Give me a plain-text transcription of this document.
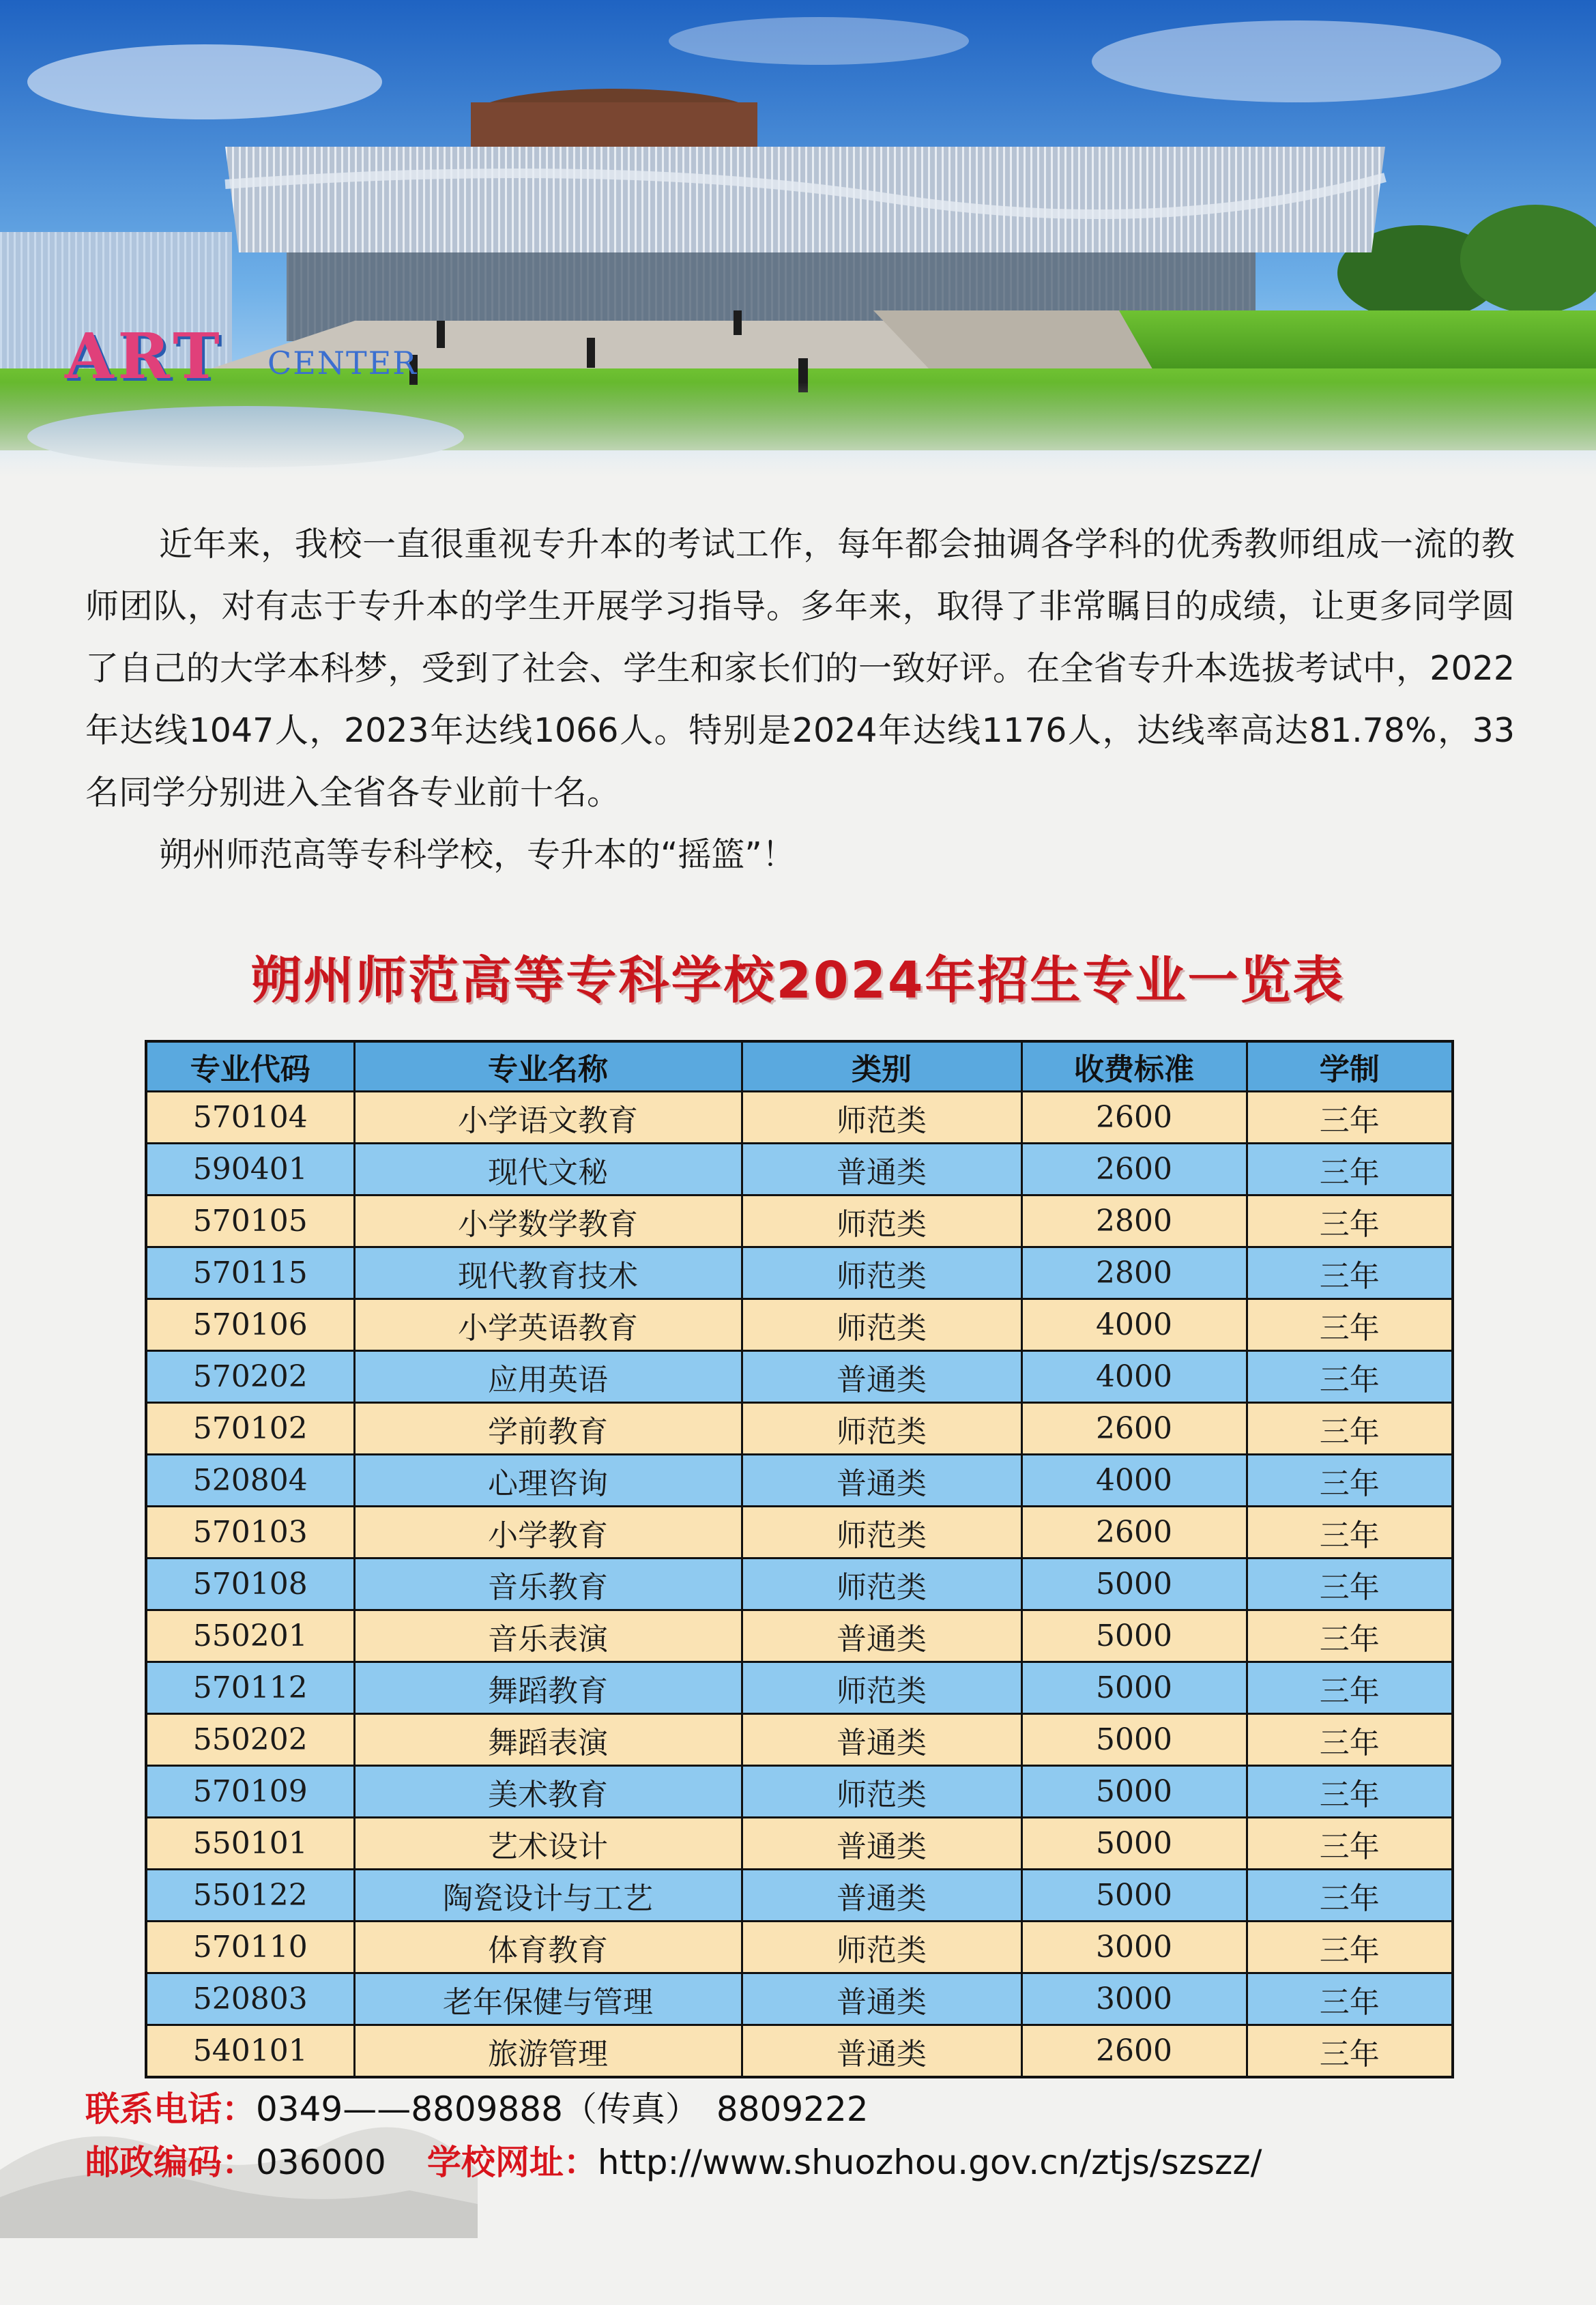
ART CENTER

近年来，我校一直很重视专升本的考试工作，每年都会抽调各学科的优秀教师组成一流的教师团队，对有志于专升本的学生开展学习指导。多年来，取得了非常瞩目的成绩，让更多同学圆了自己的大学本科梦，受到了社会、学生和家长们的一致好评。在全省专升本选拔考试中，2022年达线1047人，2023年达线1066人。特别是2024年达线1176人，达线率高达81.78%，33名同学分别进入全省各专业前十名。

朔州师范高等专科学校，专升本的“摇篮”！

朔州师范高等专科学校2024年招生专业一览表
专业代码	专业名称	类别	收费标准	学制
570104	小学语文教育	师范类	2600	三年
590401	现代文秘	普通类	2600	三年
570105	小学数学教育	师范类	2800	三年
570115	现代教育技术	师范类	2800	三年
570106	小学英语教育	师范类	4000	三年
570202	应用英语	普通类	4000	三年
570102	学前教育	师范类	2600	三年
520804	心理咨询	普通类	4000	三年
570103	小学教育	师范类	2600	三年
570108	音乐教育	师范类	5000	三年
550201	音乐表演	普通类	5000	三年
570112	舞蹈教育	师范类	5000	三年
550202	舞蹈表演	普通类	5000	三年
570109	美术教育	师范类	5000	三年
550101	艺术设计	普通类	5000	三年
550122	陶瓷设计与工艺	普通类	5000	三年
570110	体育教育	师范类	3000	三年
520803	老年保健与管理	普通类	3000	三年
540101	旅游管理	普通类	2600	三年
联系电话：0349——8809888（传真）　8809222
邮政编码：036000 学校网址：http://www.shuozhou.gov.cn/ztjs/szszz/
